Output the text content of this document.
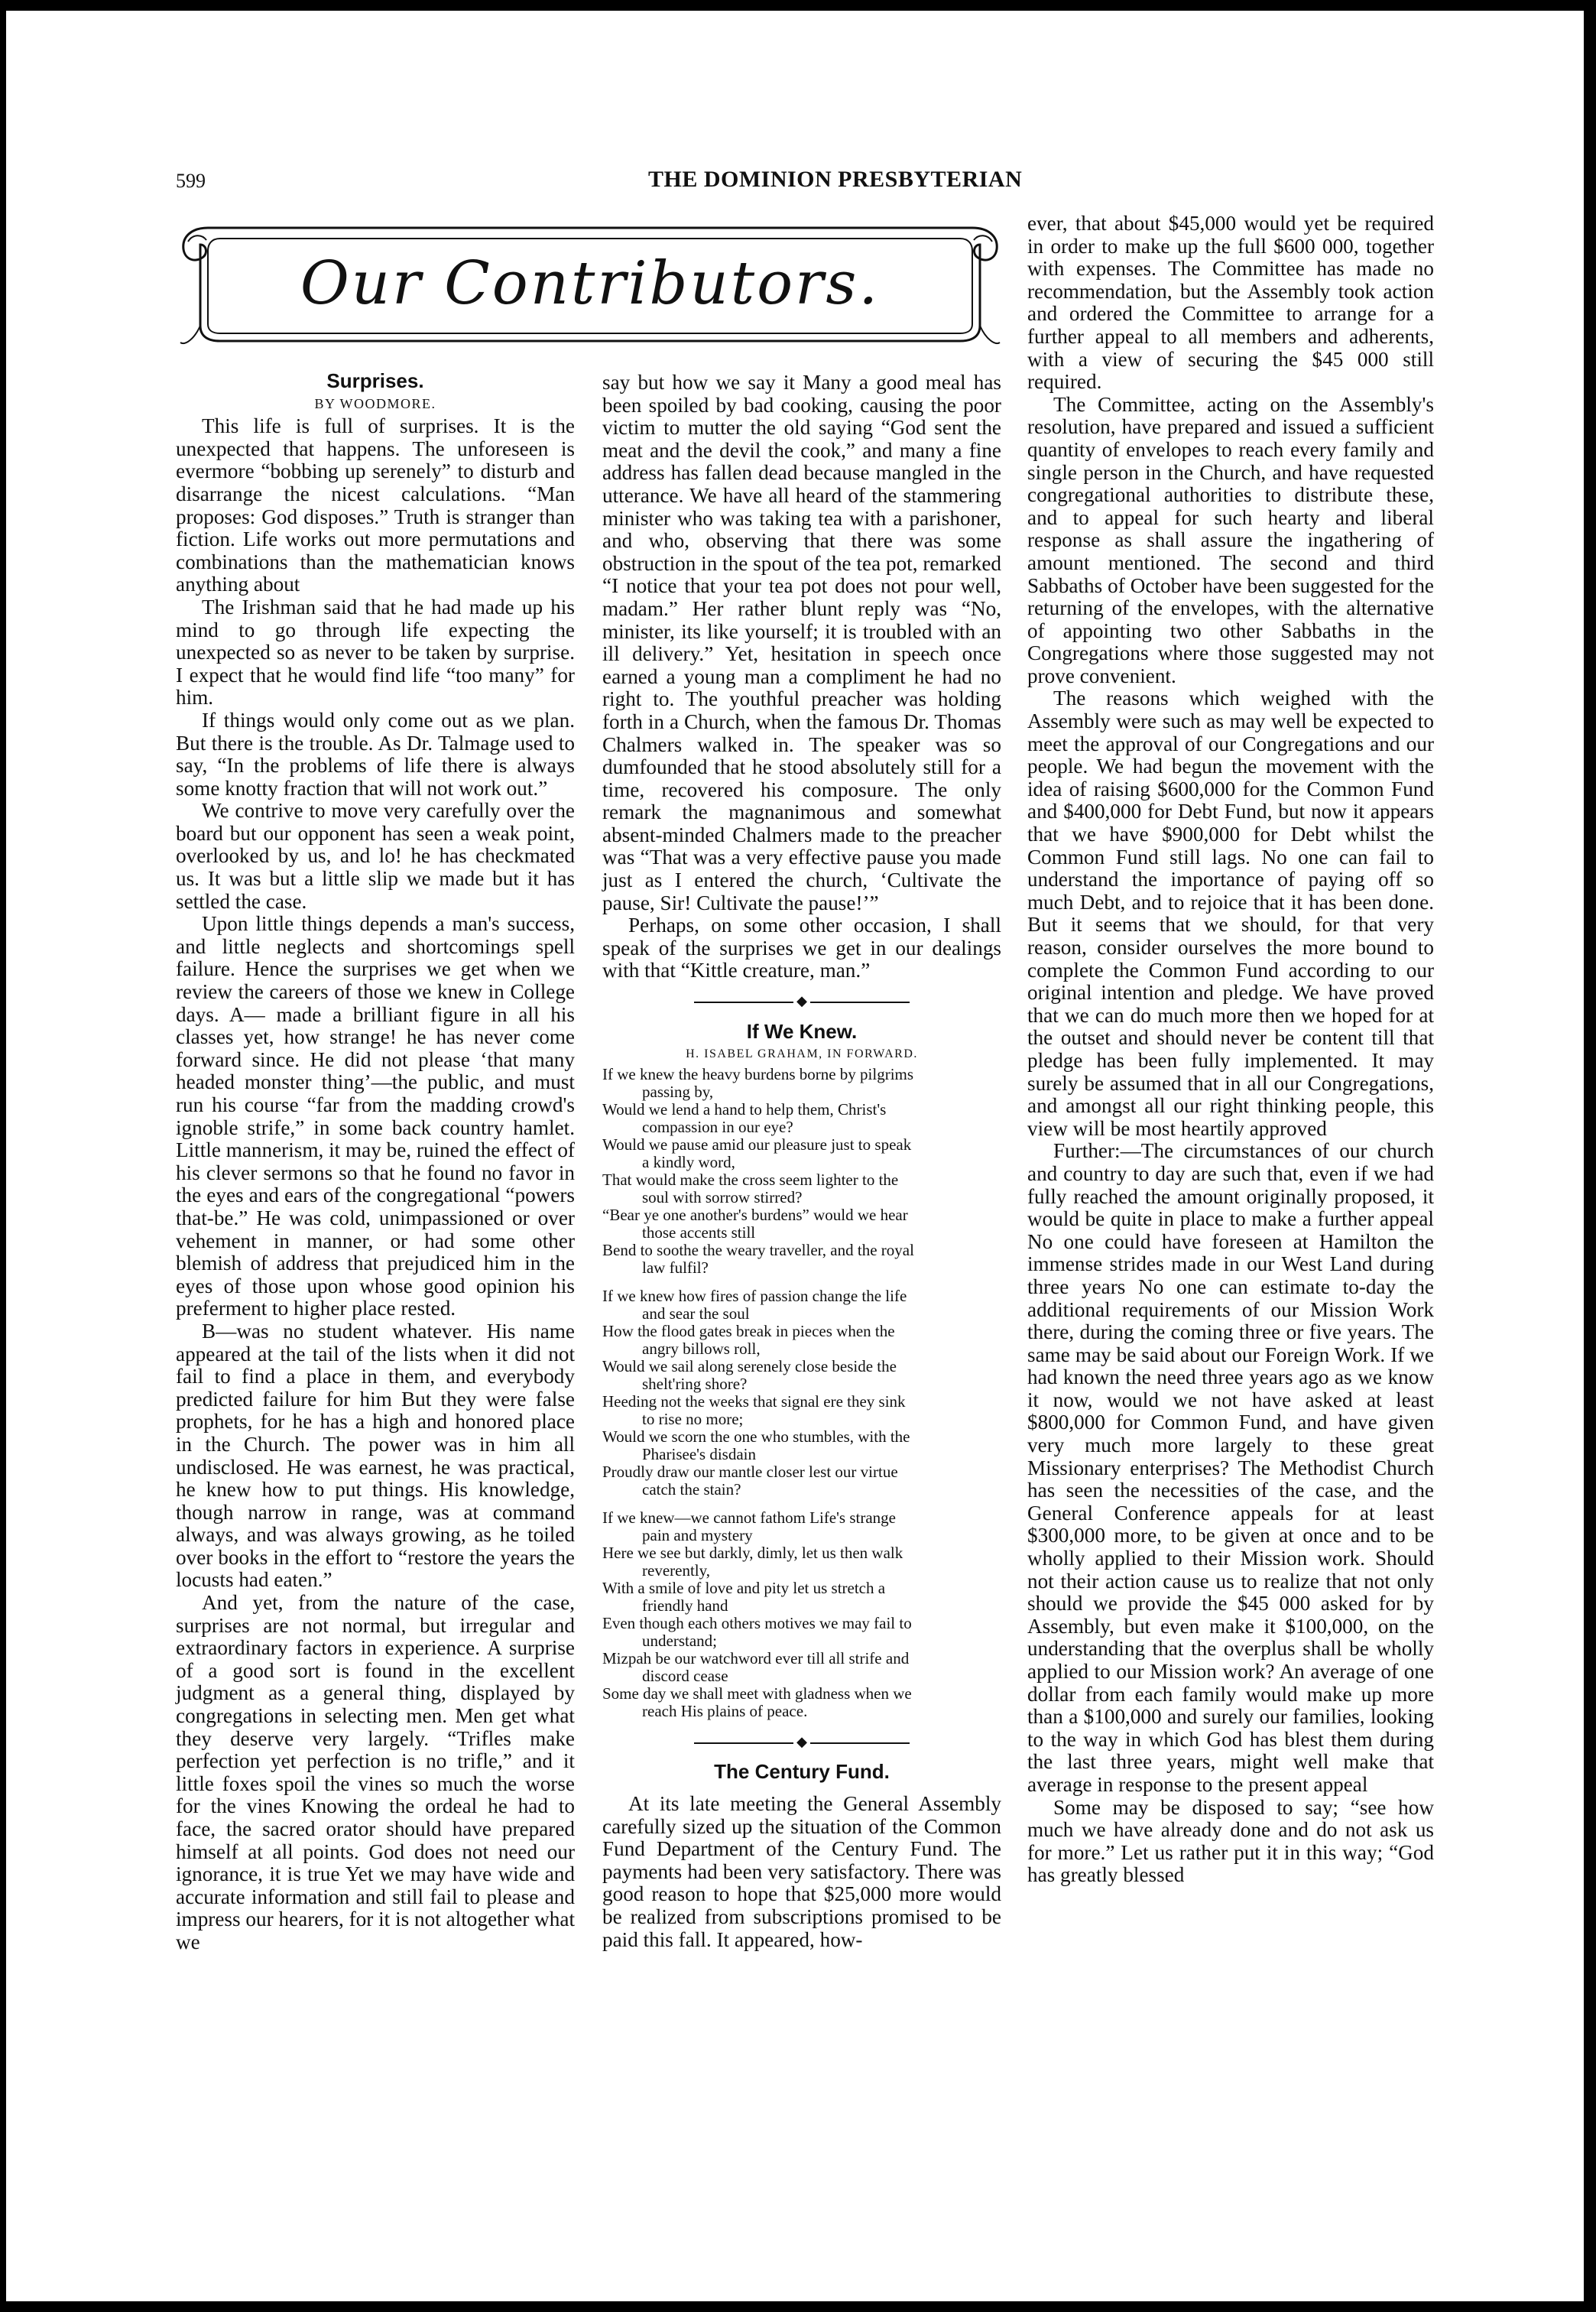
599	THE DOMINION PRESBYTERIAN
Our Contributors.

Surprises.

BY WOODMORE.

This life is full of surprises. It is the unexpected that happens. The unforeseen is evermore “bobbing up serenely” to disturb and disarrange the nicest calculations. “Man proposes: God disposes.” Truth is stranger than fiction. Life works out more permutations and combinations than the mathematician knows anything about

The Irishman said that he had made up his mind to go through life expecting the unexpected so as never to be taken by surprise. I expect that he would find life “too many” for him.

If things would only come out as we plan. But there is the trouble. As Dr. Talmage used to say, “In the problems of life there is always some knotty fraction that will not work out.”

We contrive to move very carefully over the board but our opponent has seen a weak point, overlooked by us, and lo! he has checkmated us. It was but a little slip we made but it has settled the case.

Upon little things depends a man's success, and little neglects and shortcomings spell failure. Hence the surprises we get when we review the careers of those we knew in College days. A— made a brilliant figure in all his classes yet, how strange! he has never come forward since. He did not please ‘that many headed monster thing’—the public, and must run his course “far from the madding crowd's ignoble strife,” in some back country hamlet. Little mannerism, it may be, ruined the effect of his clever sermons so that he found no favor in the eyes and ears of the congregational “powers that-be.” He was cold, unimpassioned or over vehement in manner, or had some other blemish of address that prejudiced him in the eyes of those upon whose good opinion his preferment to higher place rested.

B—was no student whatever. His name appeared at the tail of the lists when it did not fail to find a place in them, and everybody predicted failure for him But they were false prophets, for he has a high and honored place in the Church. The power was in him all undisclosed. He was earnest, he was practical, he knew how to put things. His knowledge, though narrow in range, was at command always, and was always growing, as he toiled over books in the effort to “restore the years the locusts had eaten.”

And yet, from the nature of the case, surprises are not normal, but irregular and extraordinary factors in experience. A surprise of a good sort is found in the excellent judgment as a general thing, displayed by congregations in selecting men. Men get what they deserve very largely. “Trifles make perfection yet perfection is no trifle,” and it little foxes spoil the vines so much the worse for the vines Knowing the ordeal he had to face, the sacred orator should have prepared himself at all points. God does not need our ignorance, it is true Yet we may have wide and accurate information and still fail to please and impress our hearers, for it is not altogether what we

say but how we say it Many a good meal has been spoiled by bad cooking, causing the poor victim to mutter the old saying “God sent the meat and the devil the cook,” and many a fine address has fallen dead because mangled in the utterance. We have all heard of the stammering minister who was taking tea with a parishoner, and who, observing that there was some obstruction in the spout of the tea pot, remarked “I notice that your tea pot does not pour well, madam.” Her rather blunt reply was “No, minister, its like yourself; it is troubled with an ill delivery.” Yet, hesitation in speech once earned a young man a compliment he had no right to. The youthful preacher was holding forth in a Church, when the famous Dr. Thomas Chalmers walked in. The speaker was so dumfounded that he stood absolutely still for a time, recovered his composure. The only remark the magnanimous and somewhat absent-minded Chalmers made to the preacher was “That was a very effective pause you made just as I entered the church, ‘Cultivate the pause, Sir! Cultivate the pause!’”

Perhaps, on some other occasion, I shall speak of the surprises we get in our dealings with that “Kittle creature, man.”

◆

If We Knew.

H. ISABEL GRAHAM, IN FORWARD.

If we knew the heavy burdens borne by pilgrims
passing by,

Would we lend a hand to help them, Christ's
compassion in our eye?

Would we pause amid our pleasure just to speak
a kindly word,

That would make the cross seem lighter to the
soul with sorrow stirred?

“Bear ye one another's burdens” would we hear
those accents still

Bend to soothe the weary traveller, and the royal
law fulfil?

If we knew how fires of passion change the life
and sear the soul

How the flood gates break in pieces when the
angry billows roll,

Would we sail along serenely close beside the
shelt'ring shore?

Heeding not the weeks that signal ere they sink
to rise no more;

Would we scorn the one who stumbles, with the
Pharisee's disdain

Proudly draw our mantle closer lest our virtue
catch the stain?

If we knew—we cannot fathom Life's strange
pain and mystery

Here we see but darkly, dimly, let us then walk
reverently,

With a smile of love and pity let us stretch a
friendly hand

Even though each others motives we may fail to
understand;

Mizpah be our watchword ever till all strife and
discord cease

Some day we shall meet with gladness when we
reach His plains of peace.

◆

The Century Fund.

At its late meeting the General Assembly carefully sized up the situation of the Common Fund Department of the Century Fund. The payments had been very satisfactory. There was good reason to hope that $25,000 more would be realized from subscriptions promised to be paid this fall. It appeared, how-

ever, that about $45,000 would yet be required in order to make up the full $600 000, together with expenses. The Committee has made no recommendation, but the Assembly took action and ordered the Committee to arrange for a further appeal to all members and adherents, with a view of securing the $45 000 still required.

The Committee, acting on the Assembly's resolution, have prepared and issued a sufficient quantity of envelopes to reach every family and single person in the Church, and have requested congregational authorities to distribute these, and to appeal for such hearty and liberal response as shall assure the ingathering of amount mentioned. The second and third Sabbaths of October have been suggested for the returning of the envelopes, with the alternative of appointing two other Sabbaths in the Congregations where those suggested may not prove convenient.

The reasons which weighed with the Assembly were such as may well be expected to meet the approval of our Congregations and our people. We had begun the movement with the idea of raising $600,000 for the Common Fund and $400,000 for Debt Fund, but now it appears that we have $900,000 for Debt whilst the Common Fund still lags. No one can fail to understand the importance of paying off so much Debt, and to rejoice that it has been done. But it seems that we should, for that very reason, consider ourselves the more bound to complete the Common Fund according to our original intention and pledge. We have proved that we can do much more then we hoped for at the outset and should never be content till that pledge has been fully implemented. It may surely be assumed that in all our Congregations, and amongst all our right thinking people, this view will be most heartily approved

Further:—The circumstances of our church and country to day are such that, even if we had fully reached the amount originally proposed, it would be quite in place to make a further appeal No one could have foreseen at Hamilton the immense strides made in our West Land during three years No one can estimate to-day the additional requirements of our Mission Work there, during the coming three or five years. The same may be said about our Foreign Work. If we had known the need three years ago as we know it now, would we not have asked at least $800,000 for Common Fund, and have given very much more largely to these great Missionary enterprises? The Methodist Church has seen the necessities of the case, and the General Conference appeals for at least $300,000 more, to be given at once and to be wholly applied to their Mission work. Should not their action cause us to realize that not only should we provide the $45 000 asked for by Assembly, but even make it $100,000, on the understanding that the overplus shall be wholly applied to our Mission work? An average of one dollar from each family would make up more than a $100,000 and surely our families, looking to the way in which God has blest them during the last three years, might well make that average in response to the present appeal

Some may be disposed to say; “see how much we have already done and do not ask us for more.” Let us rather put it in this way; “God has greatly blessed
